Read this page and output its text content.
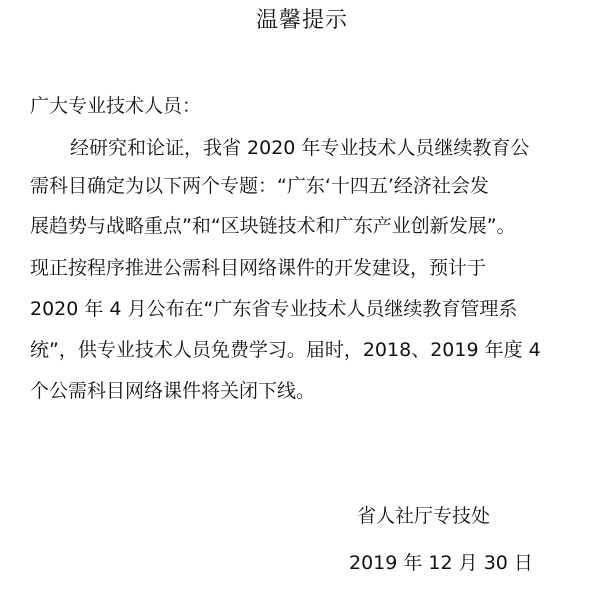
温馨提示
广大专业技术人员：
经研究和论证，我省 2020 年专业技术人员继续教育公
需科目确定为以下两个专题：“广东‘十四五’经济社会发
展趋势与战略重点”和“区块链技术和广东产业创新发展”。
现正按程序推进公需科目网络课件的开发建设，预计于
2020 年 4 月公布在“广东省专业技术人员继续教育管理系
统”，供专业技术人员免费学习。届时，2018、2019 年度 4
个公需科目网络课件将关闭下线。
省人社厅专技处
2019 年 12 月 30 日
